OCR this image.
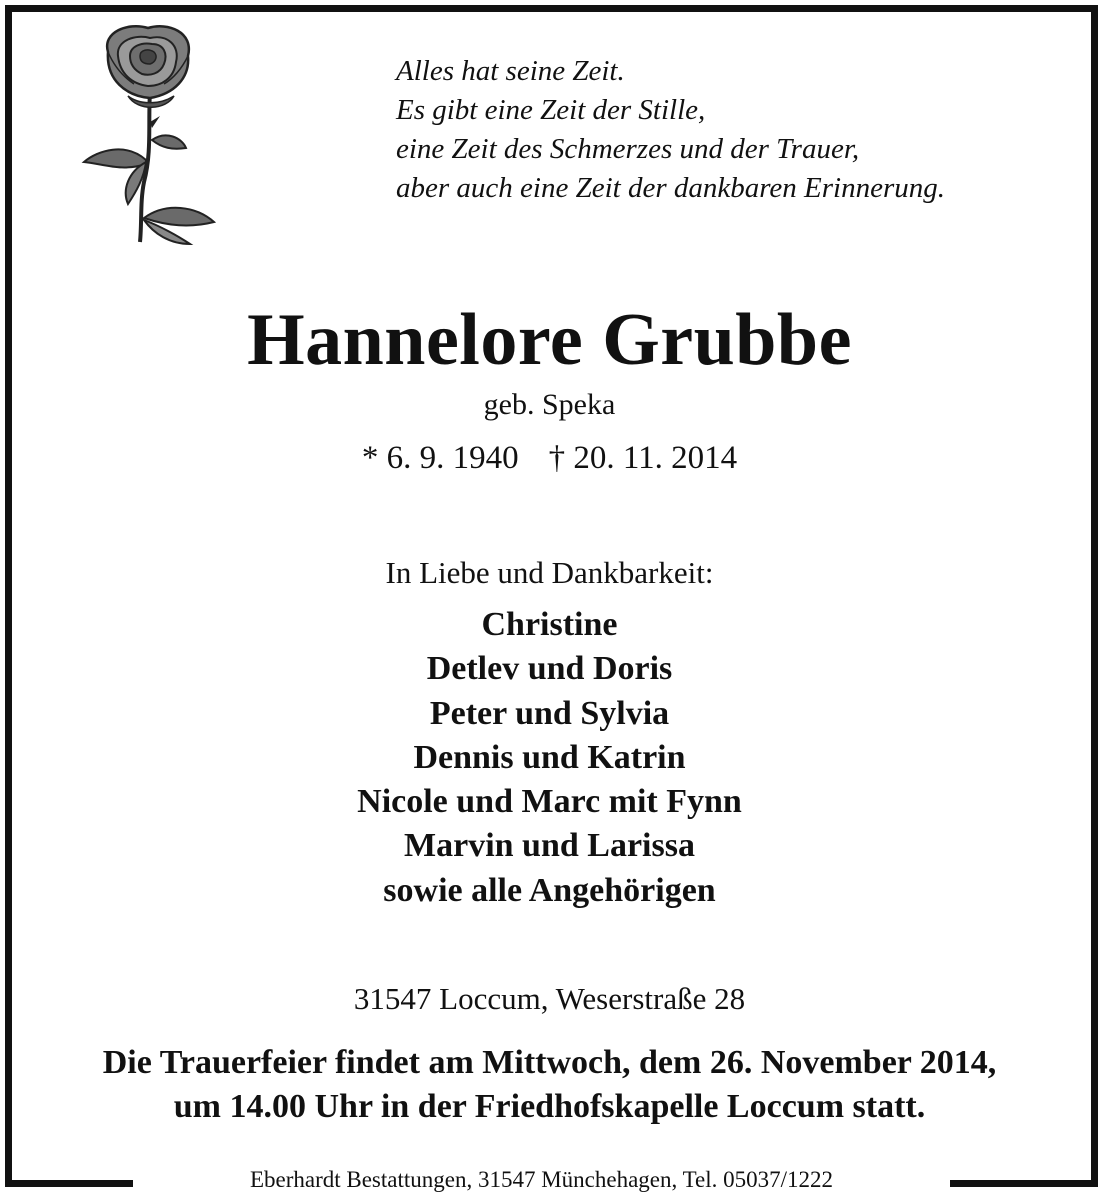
Alles hat seine Zeit.
Es gibt eine Zeit der Stille,
eine Zeit des Schmerzes und der Trauer,
aber auch eine Zeit der dankbaren Erinnerung.
Hannelore Grubbe
geb. Speka
* 6. 9. 1940 † 20. 11. 2014
In Liebe und Dankbarkeit:
Christine
Detlev und Doris
Peter und Sylvia
Dennis und Katrin
Nicole und Marc mit Fynn
Marvin und Larissa
sowie alle Angehörigen
31547 Loccum, Weserstraße 28
Die Trauerfeier findet am Mittwoch, dem 26. November 2014,
um 14.00 Uhr in der Friedhofskapelle Loccum statt.
Eberhardt Bestattungen, 31547 Münchehagen, Tel. 05037/1222
